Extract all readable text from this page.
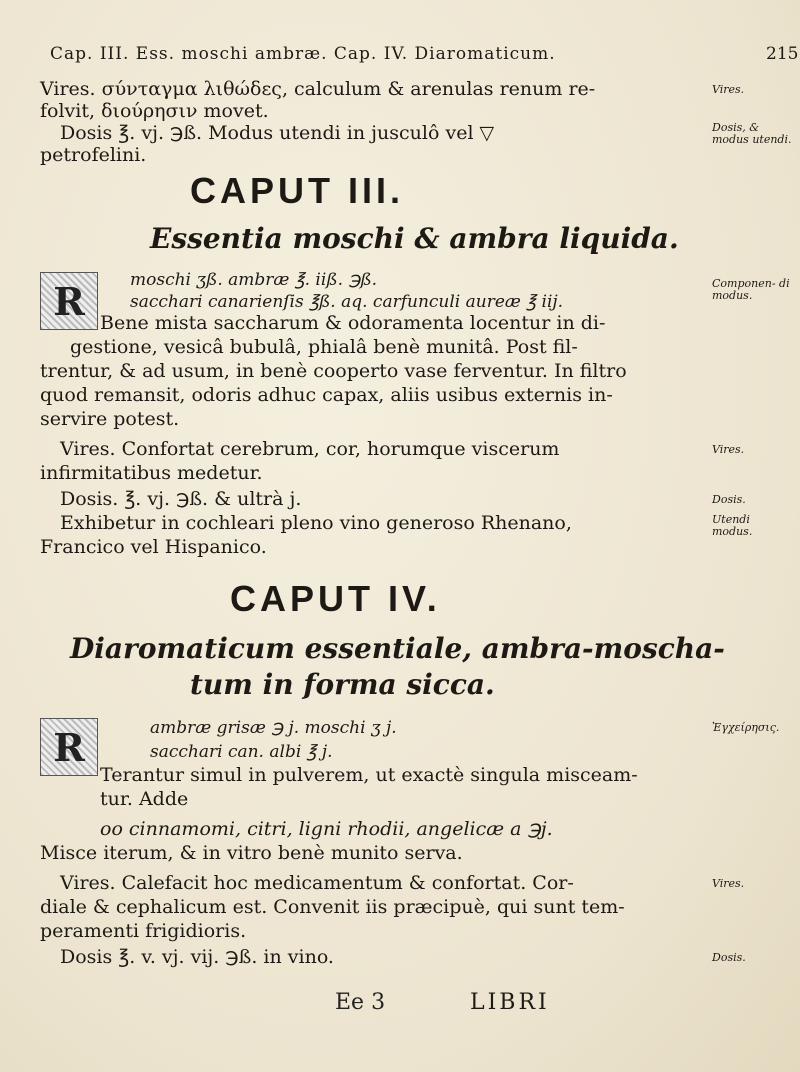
Cap. III. Ess. moschi ambræ. Cap. IV. Diaromaticum.	215
Vires. σύνταγμα λιθώδες, calculum & arenulas renum re-
folvit, διούρησιν movet.
Dosis ℥. vj. ℈ß. Modus utendi in jusculô vel ▽
petrofelini.
Vires.
Dosis, & modus utendi.
CAPUT III.
Essentia moschi & ambra liquida.
R	moschi ʒß. ambræ ℥. iiß. ℈ß.
sacchari canarienſis ℥ß. aq. carfunculi aureæ ℥ iij.
Componen- di modus.
Bene mista saccharum & odoramenta locentur in di-
gestione, vesicâ bubulâ, phialâ benè munitâ. Post fil-
trentur, & ad usum, in benè cooperto vase ferventur. In filtro
quod remansit, odoris adhuc capax, aliis usibus externis in-
servire potest.
Vires. Confortat cerebrum, cor, horumque viscerum
infirmitatibus medetur.
Vires.
Dosis. ℥. vj. ℈ß. & ultrà j.	Dosis.
Exhibetur in cochleari pleno vino generoso Rhenano,
Francico vel Hispanico.
Utendi modus.
CAPUT IV.
Diaromaticum essentiale, ambra-moscha-
tum in forma sicca.
R	ambræ grisæ ℈ j. moschi ʒ j.
sacchari can. albi ℥ j.
Ἐγχείρησις.
Terantur simul in pulverem, ut exactè singula misceam-
tur. Adde
oo cinnamomi, citri, ligni rhodii, angelicæ a ℈j.
Misce iterum, & in vitro benè munito serva.
Vires. Calefacit hoc medicamentum & confortat. Cor-
diale & cephalicum est. Convenit iis præcipuè, qui sunt tem-
peramenti frigidioris.
Vires.
Dosis ℥. v. vj. vij. ℈ß. in vino.	Dosis.
Ee 3	LIBRI
